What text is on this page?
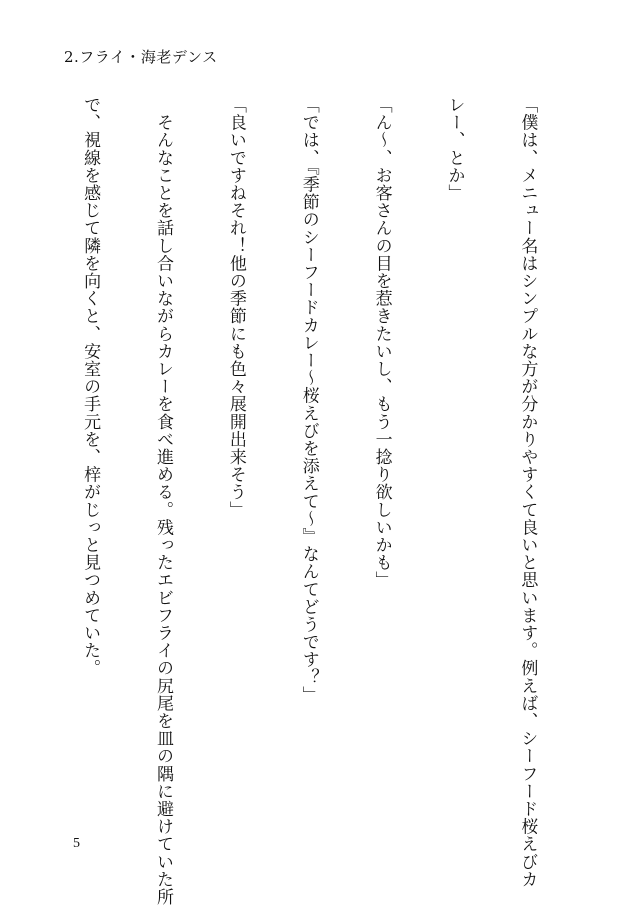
2.フライ・海老デンス

「僕は、メニュー名はシンプルな方が分かりやすくて良いと思います。例えば、シーフード桜えびカ

レー、とか」

「ん～、お客さんの目を惹きたいし、もう一捻り欲しいかも」

「では、『季節のシーフードカレー～桜えびを添えて～』なんてどうです？」

「良いですねそれ！他の季節にも色々展開出来そう」

　そんなことを話し合いながらカレーを食べ進める。残ったエビフライの尻尾を皿の隅に避けていた所

で、視線を感じて隣を向くと、安室の手元を、梓がじっと見つめていた。

5
